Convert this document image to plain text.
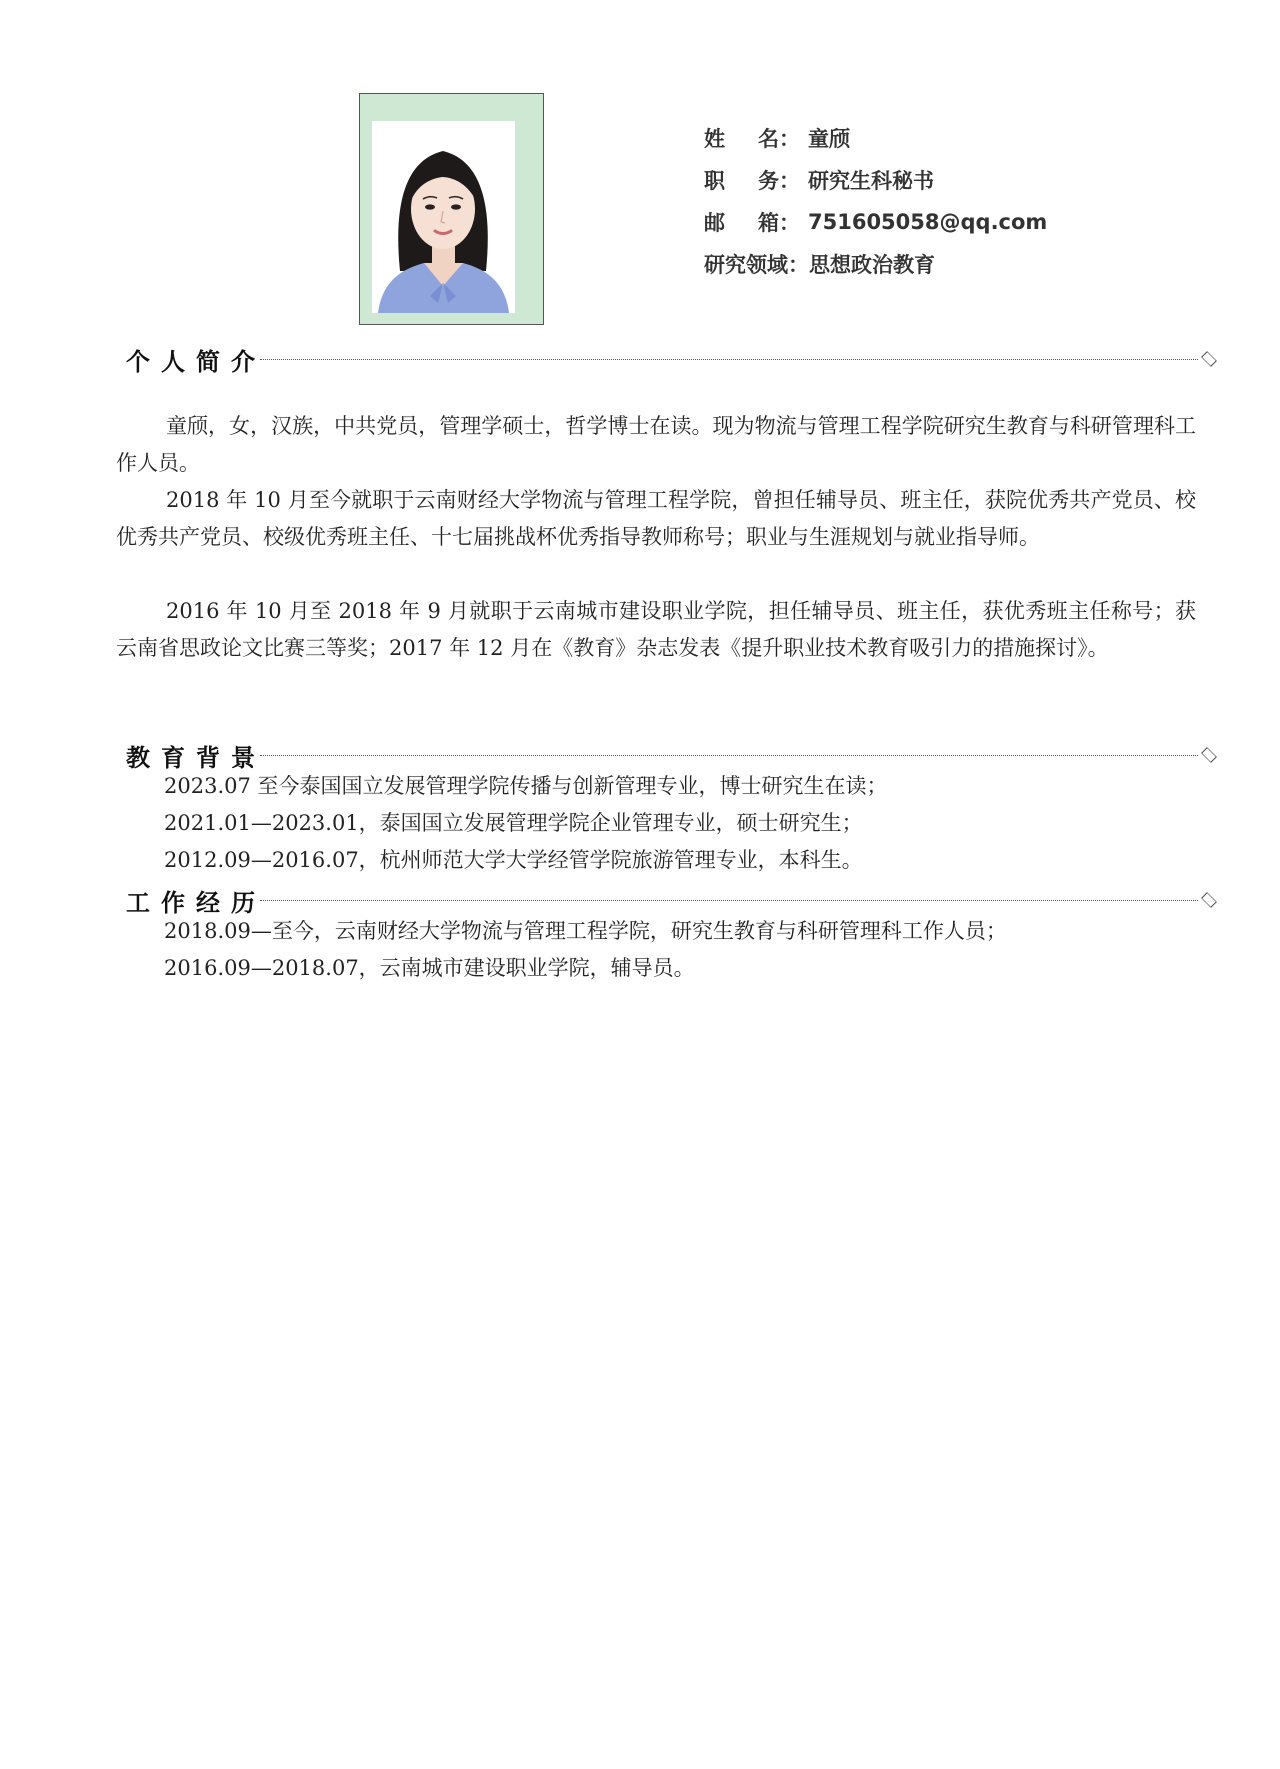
姓 名： 童颀
职 务： 研究生科秘书
邮 箱： 751605058@qq.com
研究领域： 思想政治教育
个人简介

童颀，女，汉族，中共党员，管理学硕士，哲学博士在读。现为物流与管理工程学院研究生教育与科研管理科工作人员。

2018 年 10 月至今就职于云南财经大学物流与管理工程学院，曾担任辅导员、班主任，获院优秀共产党员、校优秀共产党员、校级优秀班主任、十七届挑战杯优秀指导教师称号；职业与生涯规划与就业指导师。

2016 年 10 月至 2018 年 9 月就职于云南城市建设职业学院，担任辅导员、班主任，获优秀班主任称号；获云南省思政论文比赛三等奖；2017 年 12 月在《教育》杂志发表《提升职业技术教育吸引力的措施探讨》。

教育背景
2023.07 至今泰国国立发展管理学院传播与创新管理专业，博士研究生在读；
2021.01—2023.01，泰国国立发展管理学院企业管理专业，硕士研究生；
2012.09—2016.07，杭州师范大学大学经管学院旅游管理专业，本科生。
工作经历
2018.09—至今，云南财经大学物流与管理工程学院，研究生教育与科研管理科工作人员；
2016.09—2018.07，云南城市建设职业学院，辅导员。
